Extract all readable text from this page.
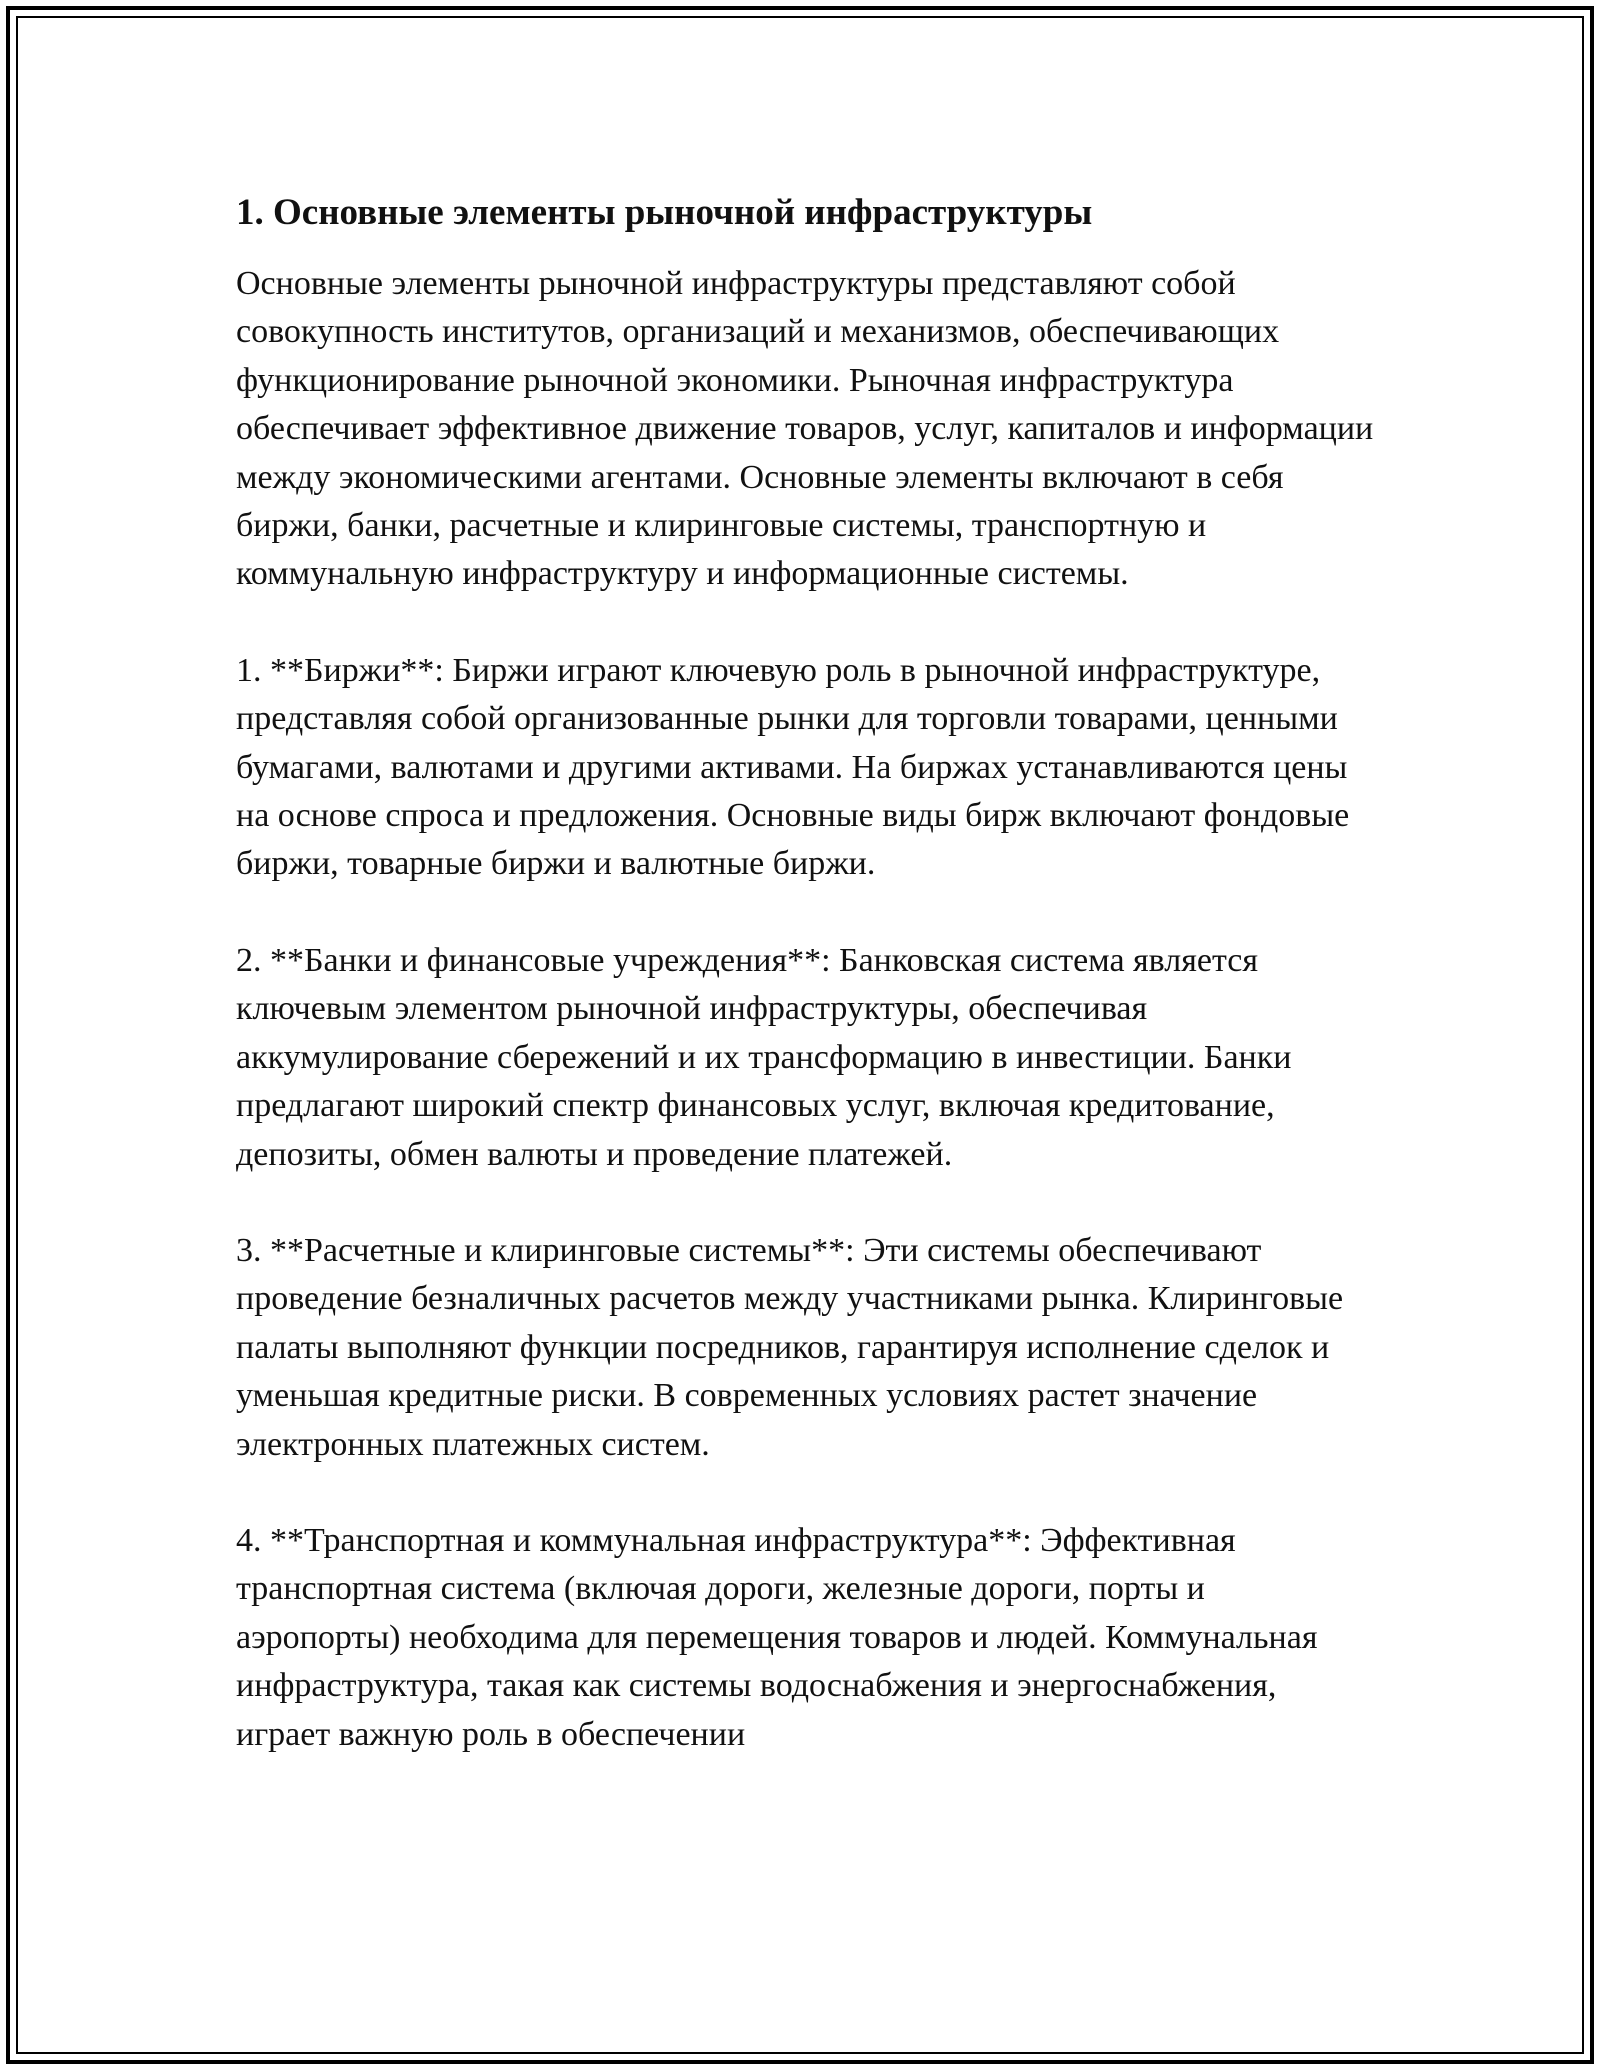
1. Основные элементы рыночной инфраструктуры

Основные элементы рыночной инфраструктуры представляют собой совокупность институтов, организаций и механизмов, обеспечивающих функционирование рыночной экономики. Рыночная инфраструктура обеспечивает эффективное движение товаров, услуг, капиталов и информации между экономическими агентами. Основные элементы включают в себя биржи, банки, расчетные и клиринговые системы, транспортную и коммунальную инфраструктуру и информационные системы.

1. **Биржи**: Биржи играют ключевую роль в рыночной инфраструктуре, представляя собой организованные рынки для торговли товарами, ценными бумагами, валютами и другими активами. На биржах устанавливаются цены на основе спроса и предложения. Основные виды бирж включают фондовые биржи, товарные биржи и валютные биржи.

2. **Банки и финансовые учреждения**: Банковская система является ключевым элементом рыночной инфраструктуры, обеспечивая аккумулирование сбережений и их трансформацию в инвестиции. Банки предлагают широкий спектр финансовых услуг, включая кредитование, депозиты, обмен валюты и проведение платежей.

3. **Расчетные и клиринговые системы**: Эти системы обеспечивают проведение безналичных расчетов между участниками рынка. Клиринговые палаты выполняют функции посредников, гарантируя исполнение сделок и уменьшая кредитные риски. В современных условиях растет значение электронных платежных систем.

4. **Транспортная и коммунальная инфраструктура**: Эффективная транспортная система (включая дороги, железные дороги, порты и аэропорты) необходима для перемещения товаров и людей. Коммунальная инфраструктура, такая как системы водоснабжения и энергоснабжения, играет важную роль в обеспечении
